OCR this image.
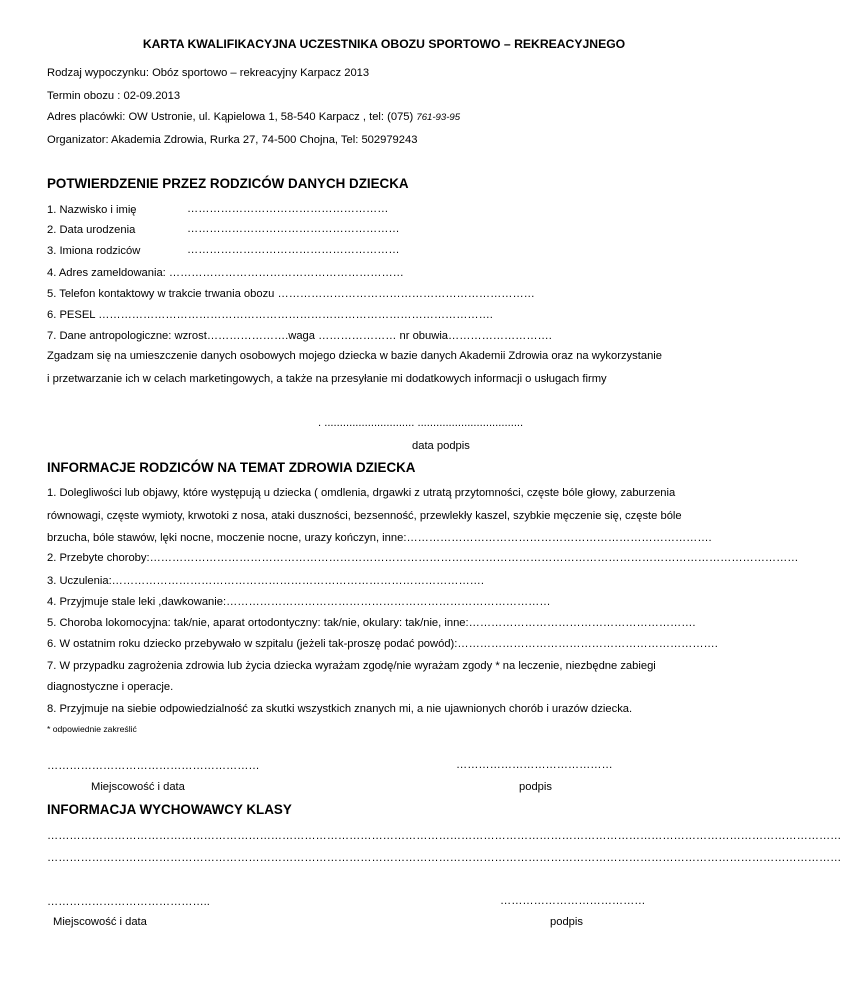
KARTA KWALIFIKACYJNA UCZESTNIKA OBOZU SPORTOWO – REKREACYJNEGO
Rodzaj wypoczynku: Obóz sportowo – rekreacyjny Karpacz 2013
Termin obozu : 02-09.2013
Adres placówki: OW Ustronie, ul. Kąpielowa 1, 58-540 Karpacz , tel: (075) 761-93-95
Organizator: Akademia Zdrowia, Rurka 27, 74-500 Chojna, Tel: 502979243
POTWIERDZENIE PRZEZ RODZICÓW DANYCH DZIECKA
1. Nazwisko i imię	………………………………………………
2. Data urodzenia	…………………………………………………
3. Imiona rodziców	…………………………………………………
4. Adres zameldowania: ………………………………………………………
5. Telefon kontaktowy w trakcie trwania obozu ……………………………………………………………
6. PESEL …………………………………………………………………………………………….
7. Dane antropologiczne: wzrost………………….waga ………………… nr obuwia……………………….
Zgadzam się na umieszczenie danych osobowych mojego dziecka w bazie danych Akademii Zdrowia oraz na wykorzystanie
i przetwarzanie ich w celach marketingowych, a także na przesyłanie mi dodatkowych informacji o usługach firmy
. ............................. ..................................
data podpis
INFORMACJE RODZICÓW NA TEMAT ZDROWIA DZIECKA
1. Dolegliwości lub objawy, które występują u dziecka ( omdlenia, drgawki z utratą przytomności, częste bóle głowy, zaburzenia
równowagi, częste wymioty, krwotoki z nosa, ataki duszności, bezsenność, przewlekły kaszel, szybkie męczenie się, częste bóle
brzucha, bóle stawów, lęki nocne, moczenie nocne, urazy kończyn, inne:……………………………………………………………………….
2. Przebyte choroby:…………………………………………………………………………………………………………………………………………………………
3. Uczulenia:……………………………………………………………………………………….
4. Przyjmuje stale leki ,dawkowanie:……………………………………………………………………………
5. Choroba lokomocyjna: tak/nie, aparat ortodontyczny: tak/nie, okulary: tak/nie, inne:…………………………………………………….
6. W ostatnim roku dziecko przebywało w szpitalu (jeżeli tak-proszę podać powód):…………………………………………………………….
7. W przypadku zagrożenia zdrowia lub życia dziecka wyrażam zgodę/nie wyrażam zgody * na leczenie, niezbędne zabiegi
diagnostyczne i operacje.
8. Przyjmuje na siebie odpowiedzialność za skutki wszystkich znanych mi, a nie ujawnionych chorób i urazów dziecka.
* odpowiednie zakreślić
…………………………………………………	……………………………………
Miejscowość i data	podpis
INFORMACJA WYCHOWAWCY KLASY
……………………………………………………………………………………………………………………………………………………………………………………………
……………………………………………………………………………………………………………………………………………………………………………………………
……………………………………..	…………………………………
Miejscowość i data	podpis
